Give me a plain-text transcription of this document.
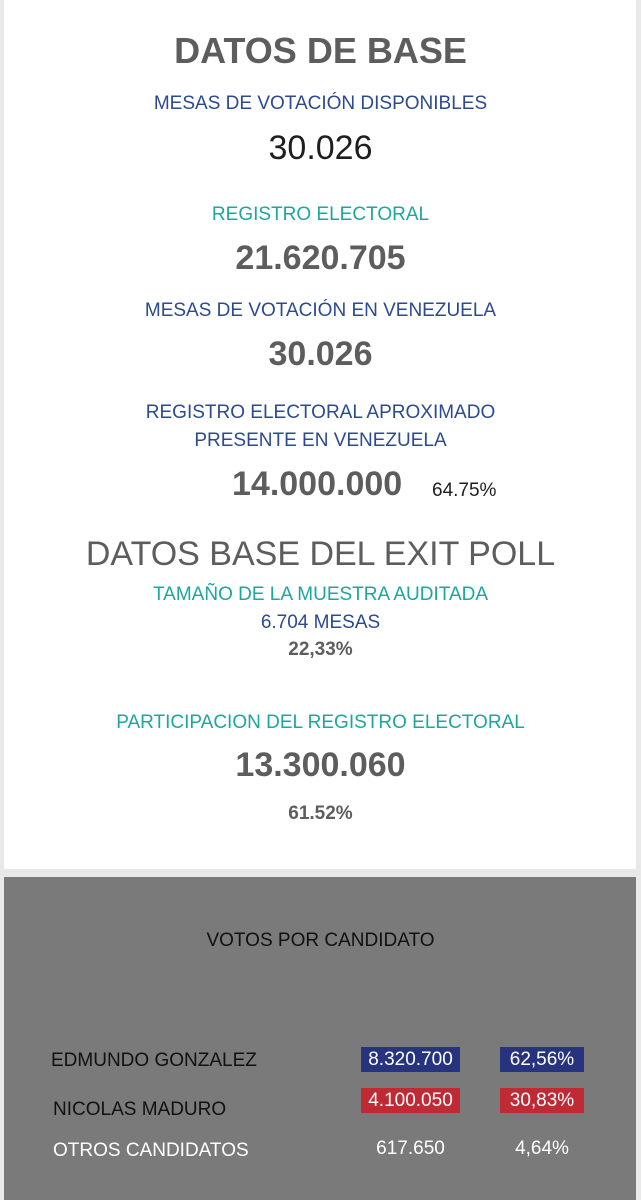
DATOS DE BASE
MESAS DE VOTACIÓN DISPONIBLES
30.026
REGISTRO ELECTORAL
21.620.705
MESAS DE VOTACIÓN EN VENEZUELA
30.026
REGISTRO ELECTORAL APROXIMADO
PRESENTE EN VENEZUELA
14.000.000 64.75%
DATOS BASE DEL EXIT POLL
TAMAÑO DE LA MUESTRA AUDITADA
6.704 MESAS
22,33%
PARTICIPACION DEL REGISTRO ELECTORAL
13.300.060
61.52%
VOTOS POR CANDIDATO
EDMUNDO GONZALEZ	8.320.700	62,56%
NICOLAS MADURO	4.100.050	30,83%
OTROS CANDIDATOS	617.650	4,64%
